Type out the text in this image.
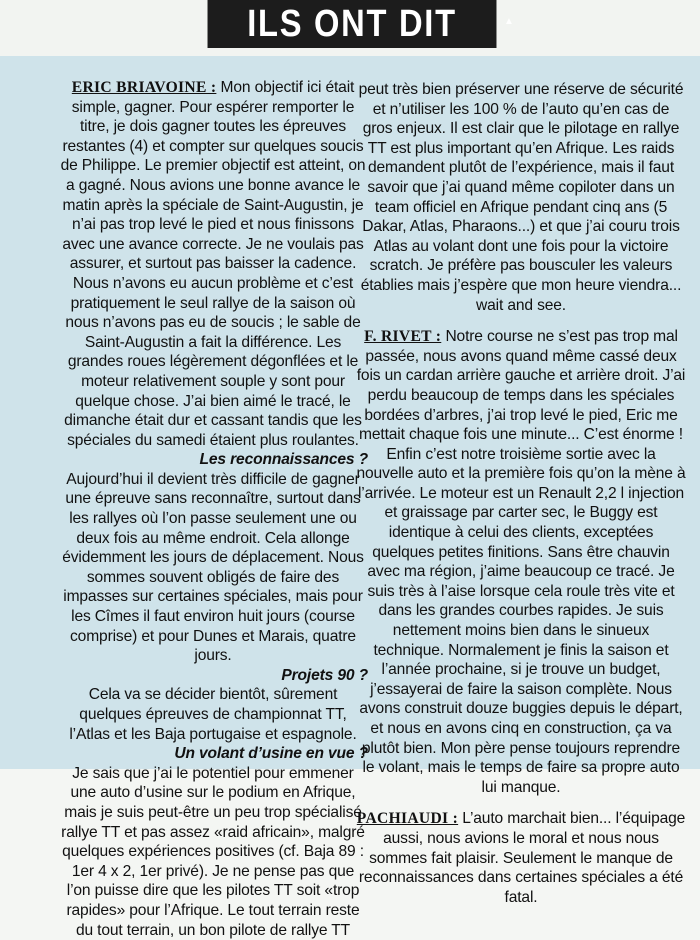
ILS ONT DIT	▲

ERIC BRIAVOINE : Mon objectif ici était simple, gagner. Pour espérer remporter le titre, je dois gagner toutes les épreuves restantes (4) et compter sur quelques soucis de Philippe. Le premier objectif est atteint, on a gagné. Nous avions une bonne avance le matin après la spéciale de Saint-Augustin, je n’ai pas trop levé le pied et nous finissons avec une avance correcte. Je ne voulais pas assurer, et surtout pas baisser la cadence. Nous n’avons eu aucun problème et c’est pratiquement le seul rallye de la saison où nous n’avons pas eu de soucis ; le sable de Saint-Augustin a fait la différence. Les grandes roues légèrement dégonflées et le moteur relativement souple y sont pour quelque chose. J’ai bien aimé le tracé, le dimanche était dur et cassant tandis que les spéciales du samedi étaient plus roulantes.

Les reconnaissances ?

Aujourd’hui il devient très difficile de gagner une épreuve sans reconnaître, surtout dans les rallyes où l’on passe seulement une ou deux fois au même endroit. Cela allonge évidemment les jours de déplacement. Nous sommes souvent obligés de faire des impasses sur certaines spéciales, mais pour les Cîmes il faut environ huit jours (course comprise) et pour Dunes et Marais, quatre jours.

Projets 90 ?

Cela va se décider bientôt, sûrement quelques épreuves de championnat TT, l’Atlas et les Baja portugaise et espagnole.

Un volant d’usine en vue ?

Je sais que j’ai le potentiel pour emmener une auto d’usine sur le podium en Afrique, mais je suis peut-être un peu trop spécialisé rallye TT et pas assez «raid africain», malgré quelques expériences positives (cf. Baja 89 : 1er 4 x 2, 1er privé). Je ne pense pas que l’on puisse dire que les pilotes TT soit «trop rapides» pour l’Afrique. Le tout terrain reste du tout terrain, un bon pilote de rallye TT

peut très bien préserver une réserve de sécurité et n’utiliser les 100 % de l’auto qu’en cas de gros enjeux. Il est clair que le pilotage en rallye TT est plus important qu’en Afrique. Les raids demandent plutôt de l’expérience, mais il faut savoir que j’ai quand même copiloter dans un team officiel en Afrique pendant cinq ans (5 Dakar, Atlas, Pharaons...) et que j’ai couru trois Atlas au volant dont une fois pour la victoire scratch. Je préfère pas bousculer les valeurs établies mais j’espère que mon heure viendra... wait and see.

F. RIVET : Notre course ne s’est pas trop mal passée, nous avons quand même cassé deux fois un cardan arrière gauche et arrière droit. J’ai perdu beaucoup de temps dans les spéciales bordées d’arbres, j’ai trop levé le pied, Eric me mettait chaque fois une minute... C’est énorme ! Enfin c’est notre troisième sortie avec la nouvelle auto et la première fois qu’on la mène à l’arrivée. Le moteur est un Renault 2,2 l injection et graissage par carter sec, le Buggy est identique à celui des clients, exceptées quelques petites finitions. Sans être chauvin avec ma région, j’aime beaucoup ce tracé. Je suis très à l’aise lorsque cela roule très vite et dans les grandes courbes rapides. Je suis nettement moins bien dans le sinueux technique. Normalement je finis la saison et l’année prochaine, si je trouve un budget, j’essayerai de faire la saison complète. Nous avons construit douze buggies depuis le départ, et nous en avons cinq en construction, ça va plutôt bien. Mon père pense toujours reprendre le volant, mais le temps de faire sa propre auto lui manque.

PACHIAUDI : L’auto marchait bien... l’équipage aussi, nous avions le moral et nous nous sommes fait plaisir. Seulement le manque de reconnaissances dans certaines spéciales a été fatal.
